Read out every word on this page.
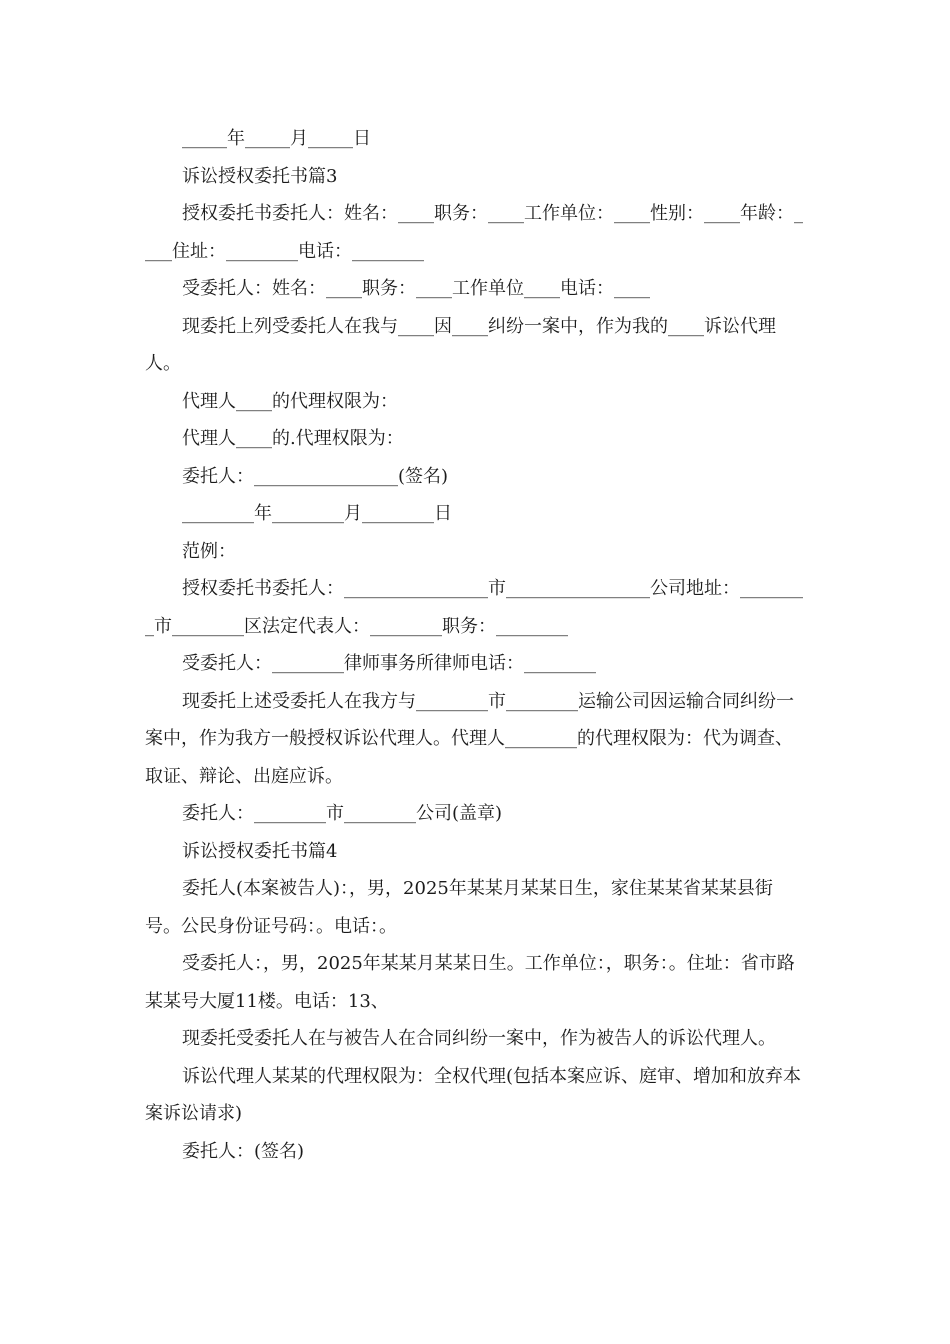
_____年_____月_____日

诉讼授权委托书篇3

授权委托书委托人：姓名：____职务：____工作单位：____性别：____年龄：____住址：________电话：________

受委托人：姓名：____职务：____工作单位____电话：____

现委托上列受委托人在我与____因____纠纷一案中，作为我的____诉讼代理人。

代理人____的代理权限为：

代理人____的.代理权限为：

委托人：________________(签名)

________年________月________日

范例：

授权委托书委托人：________________市________________公司地址：________市________区法定代表人：________职务：________

受委托人：________律师事务所律师电话：________

现委托上述受委托人在我方与________市________运输公司因运输合同纠纷一案中，作为我方一般授权诉讼代理人。代理人________的代理权限为：代为调查、取证、辩论、出庭应诉。

委托人：________市________公司(盖章)

诉讼授权委托书篇4

委托人(本案被告人)：，男，2025年某某月某某日生，家住某某省某某县街号。公民身份证号码：。电话：。

受委托人：，男，2025年某某月某某日生。工作单位：，职务：。住址：省市路某某号大厦11楼。电话：13、

现委托受委托人在与被告人在合同纠纷一案中，作为被告人的诉讼代理人。

诉讼代理人某某的代理权限为：全权代理(包括本案应诉、庭审、增加和放弃本案诉讼请求)

委托人：(签名)
